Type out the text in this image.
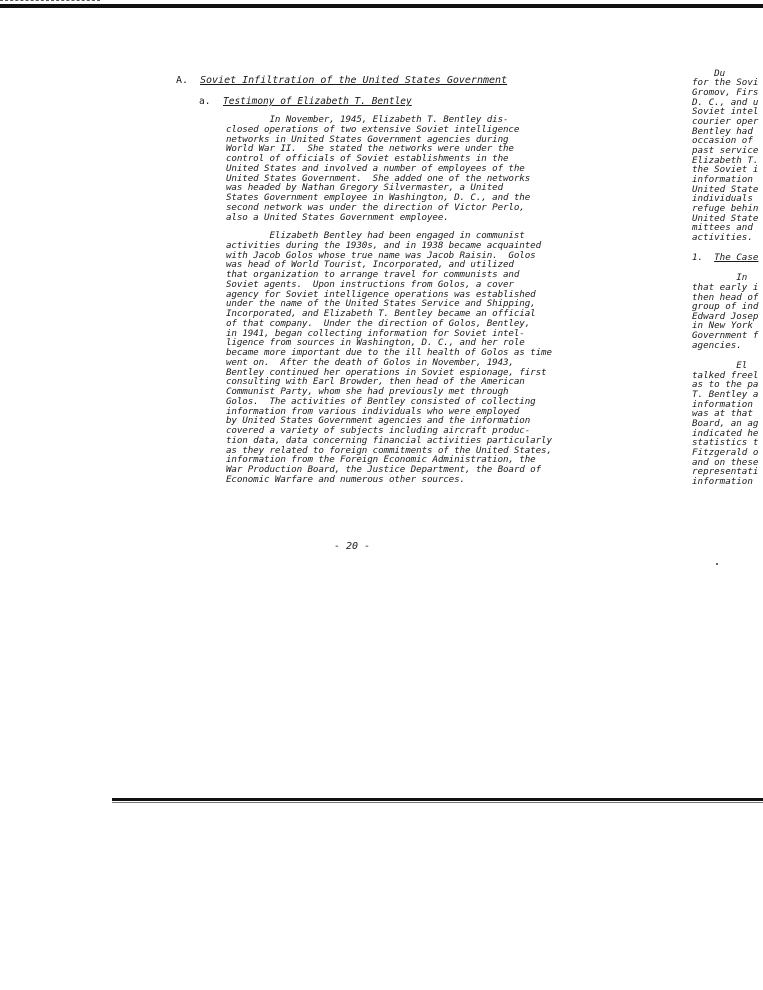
A. Soviet Infiltration of the United States Government
a. Testimony of Elizabeth T. Bentley
In November, 1945, Elizabeth T. Bentley dis-
closed operations of two extensive Soviet intelligence
networks in United States Government agencies during
World War II.  She stated the networks were under the
control of officials of Soviet establishments in the
United States and involved a number of employees of the
United States Government.  She added one of the networks
was headed by Nathan Gregory Silvermaster, a United
States Government employee in Washington, D. C., and the
second network was under the direction of Victor Perlo,
also a United States Government employee.
Elizabeth Bentley had been engaged in communist
activities during the 1930s, and in 1938 became acquainted
with Jacob Golos whose true name was Jacob Raisin.  Golos
was head of World Tourist, Incorporated, and utilized
that organization to arrange travel for communists and
Soviet agents.  Upon instructions from Golos, a cover
agency for Soviet intelligence operations was established
under the name of the United States Service and Shipping,
Incorporated, and Elizabeth T. Bentley became an official
of that company.  Under the direction of Golos, Bentley,
in 1941, began collecting information for Soviet intel-
ligence from sources in Washington, D. C., and her role
became more important due to the ill health of Golos as time
went on.  After the death of Golos in November, 1943,
Bentley continued her operations in Soviet espionage, first
consulting with Earl Browder, then head of the American
Communist Party, whom she had previously met through
Golos.  The activities of Bentley consisted of collecting
information from various individuals who were employed
by United States Government agencies and the information
covered a variety of subjects including aircraft produc-
tion data, data concerning financial activities particularly
as they related to foreign commitments of the United States,
information from the Foreign Economic Administration, the
War Production Board, the Justice Department, the Board of
Economic Warfare and numerous other sources.
- 20 -
Du
for the Sovi
Gromov, Firs
D. C., and u
Soviet intel
courier oper
Bentley had
occasion of
past service
Elizabeth T.
the Soviet i
information
United State
individuals
refuge behin
United State
mittees and
activities.
1.  The Case
In
that early i
then head of
group of ind
Edward Josep
in New York
Government f
agencies.
El
talked freel
as to the pa
T. Bentley a
information
was at that
Board, an ag
indicated he
statistics t
Fitzgerald o
and on these
representati
information
